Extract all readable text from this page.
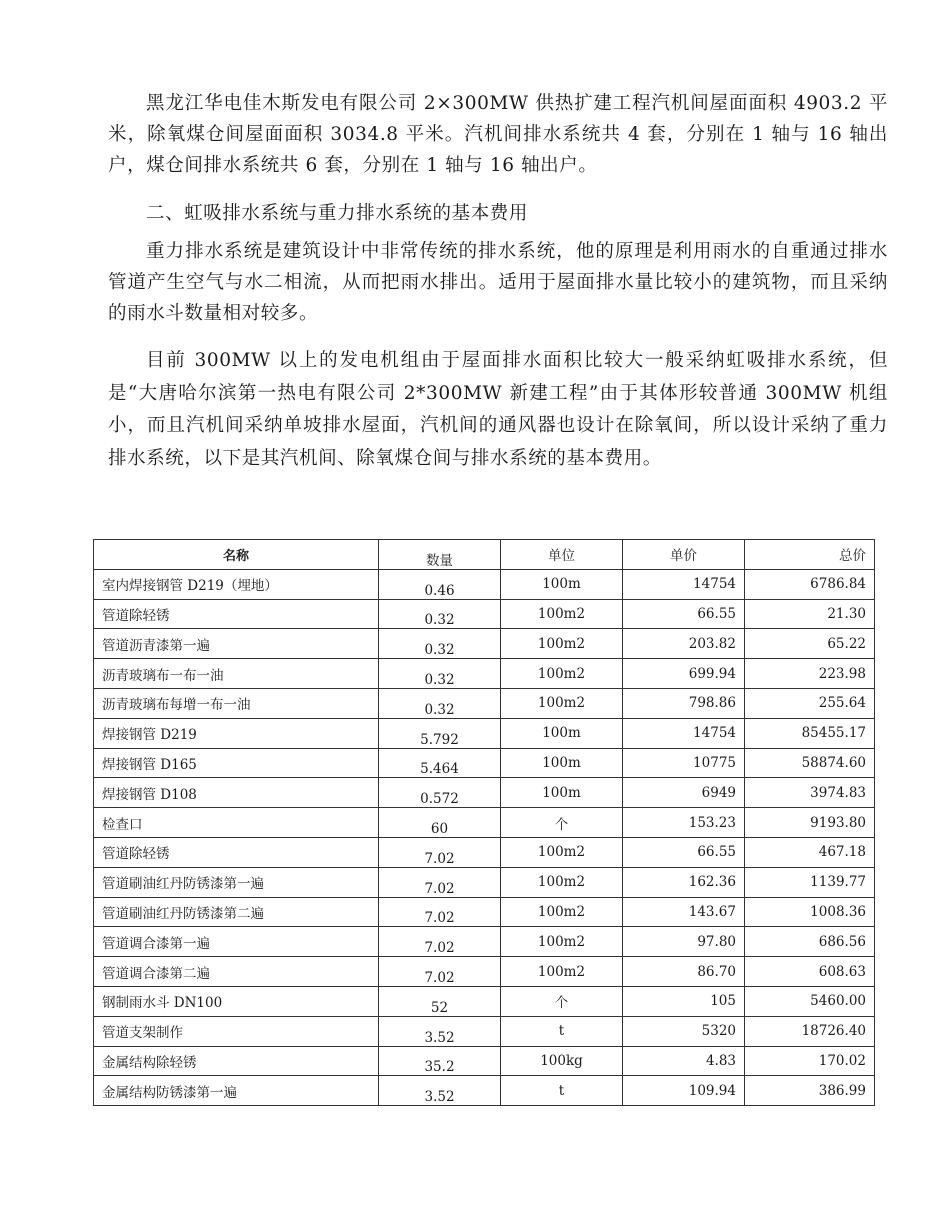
黑龙江华电佳木斯发电有限公司 2×300MW 供热扩建工程汽机间屋面面积 4903.2 平米，除氧煤仓间屋面面积 3034.8 平米。汽机间排水系统共 4 套，分别在 1 轴与 16 轴出户，煤仓间排水系统共 6 套，分别在 1 轴与 16 轴出户。

二、虹吸排水系统与重力排水系统的基本费用

重力排水系统是建筑设计中非常传统的排水系统，他的原理是利用雨水的自重通过排水管道产生空气与水二相流，从而把雨水排出。适用于屋面排水量比较小的建筑物，而且采纳的雨水斗数量相对较多。

目前 300MW 以上的发电机组由于屋面排水面积比较大一般采纳虹吸排水系统，但是“大唐哈尔滨第一热电有限公司 2*300MW 新建工程”由于其体形较普通 300MW 机组小，而且汽机间采纳单坡排水屋面，汽机间的通风器也设计在除氧间，所以设计采纳了重力排水系统，以下是其汽机间、除氧煤仓间与排水系统的基本费用。

名称	数量	单位	单价	总价
室内焊接钢管 D219（埋地）	0.46	100m	14754	6786.84
管道除轻锈	0.32	100m2	66.55	21.30
管道沥青漆第一遍	0.32	100m2	203.82	65.22
沥青玻璃布一布一油	0.32	100m2	699.94	223.98
沥青玻璃布每增一布一油	0.32	100m2	798.86	255.64
焊接钢管 D219	5.792	100m	14754	85455.17
焊接钢管 D165	5.464	100m	10775	58874.60
焊接钢管 D108	0.572	100m	6949	3974.83
检查口	60	个	153.23	9193.80
管道除轻锈	7.02	100m2	66.55	467.18
管道刷油红丹防锈漆第一遍	7.02	100m2	162.36	1139.77
管道刷油红丹防锈漆第二遍	7.02	100m2	143.67	1008.36
管道调合漆第一遍	7.02	100m2	97.80	686.56
管道调合漆第二遍	7.02	100m2	86.70	608.63
钢制雨水斗 DN100	52	个	105	5460.00
管道支架制作	3.52	t	5320	18726.40
金属结构除轻锈	35.2	100kg	4.83	170.02
金属结构防锈漆第一遍	3.52	t	109.94	386.99
